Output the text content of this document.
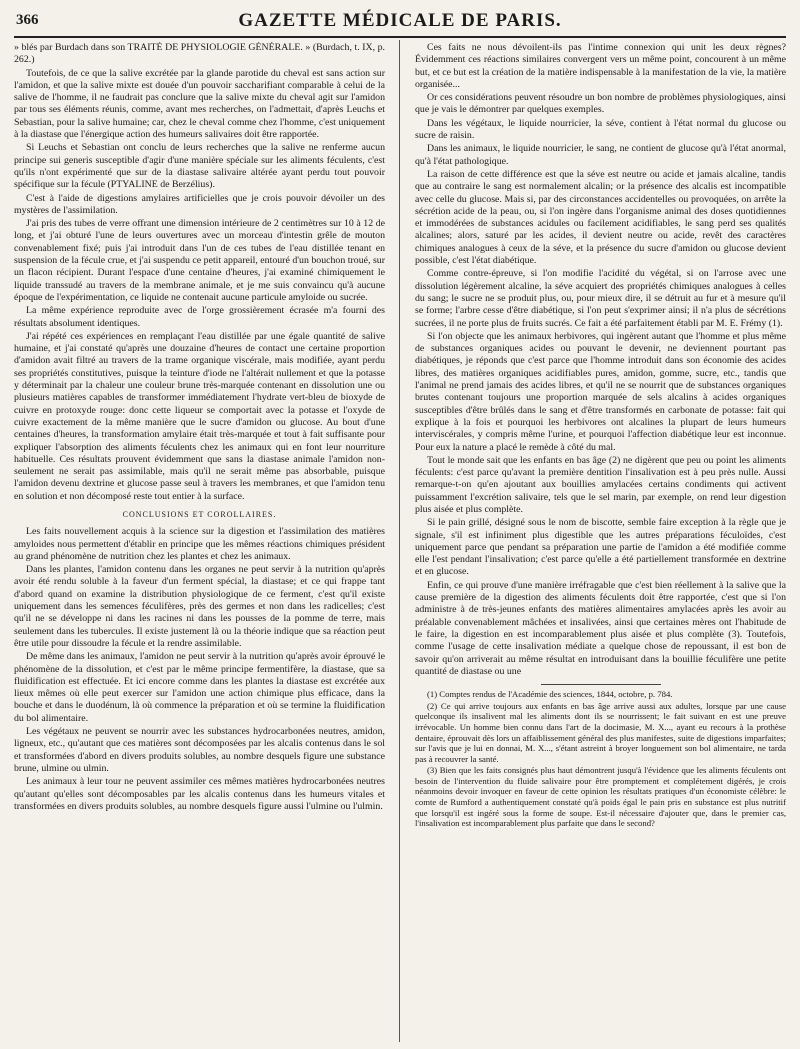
366	GAZETTE MÉDICALE DE PARIS.

» blés par Burdach dans son TRAITÉ DE PHYSIOLOGIE GÉNÉRALE. » (Burdach, t. IX, p. 262.)

Toutefois, de ce que la salive excrétée par la glande parotide du cheval est sans action sur l'amidon, et que la salive mixte est douée d'un pouvoir saccharifiant comparable à celui de la salive de l'homme, il ne faudrait pas conclure que la salive mixte du cheval agit sur l'amidon par tous ses éléments réunis, comme, avant mes recherches, on l'admettait, d'après Leuchs et Sebastian, pour la salive humaine; car, chez le cheval comme chez l'homme, c'est uniquement à la diastase que l'énergique action des humeurs salivaires doit être rapportée.

Si Leuchs et Sebastian ont conclu de leurs recherches que la salive ne renferme aucun principe sui generis susceptible d'agir d'une manière spéciale sur les aliments féculents, c'est qu'ils n'ont expérimenté que sur de la diastase salivaire altérée ayant perdu tout pouvoir spécifique sur la fécule (PTYALINE de Berzélius).

C'est à l'aide de digestions amylaires artificielles que je crois pouvoir dévoiler un des mystères de l'assimilation.

J'ai pris des tubes de verre offrant une dimension intérieure de 2 centimètres sur 10 à 12 de long, et j'ai obturé l'une de leurs ouvertures avec un morceau d'intestin grêle de mouton convenablement fixé; puis j'ai introduit dans l'un de ces tubes de l'eau distillée tenant en suspension de la fécule crue, et j'ai suspendu ce petit appareil, entouré d'un bouchon troué, sur un flacon récipient. Durant l'espace d'une centaine d'heures, j'ai examiné chimiquement le liquide transsudé au travers de la membrane animale, et je me suis convaincu qu'à aucune époque de l'expérimentation, ce liquide ne contenait aucune particule amyloide ou sucrée.

La même expérience reproduite avec de l'orge grossièrement écrasée m'a fourni des résultats absolument identiques.

J'ai répété ces expériences en remplaçant l'eau distillée par une égale quantité de salive humaine, et j'ai constaté qu'après une douzaine d'heures de contact une certaine proportion d'amidon avait filtré au travers de la trame organique viscérale, mais modifiée, ayant perdu ses propriétés constitutives, puisque la teinture d'iode ne l'altérait nullement et que la potasse y déterminait par la chaleur une couleur brune très-marquée contenant en dissolution une ou plusieurs matières capables de transformer immédiatement l'hydrate vert-bleu de bioxyde de cuivre en protoxyde rouge: donc cette liqueur se comportait avec la potasse et l'oxyde de cuivre exactement de la même manière que le sucre d'amidon ou glucose. Au bout d'une centaines d'heures, la transformation amylaire était très-marquée et tout à fait suffisante pour expliquer l'absorption des aliments féculents chez les animaux qui en font leur nourriture habituelle. Ces résultats prouvent évidemment que sans la diastase animale l'amidon non-seulement ne serait pas assimilable, mais qu'il ne serait même pas absorbable, puisque l'amidon devenu dextrine et glucose passe seul à travers les membranes, et que l'amidon tenu en solution et non décomposé reste tout entier à la surface.

CONCLUSIONS ET COROLLAIRES.

Les faits nouvellement acquis à la science sur la digestion et l'assimilation des matières amyloides nous permettent d'établir en principe que les mêmes réactions chimiques président au grand phénomène de nutrition chez les plantes et chez les animaux.

Dans les plantes, l'amidon contenu dans les organes ne peut servir à la nutrition qu'après avoir été rendu soluble à la faveur d'un ferment spécial, la diastase; et ce qui frappe tant d'abord quand on examine la distribution physiologique de ce ferment, c'est qu'il existe uniquement dans les semences féculifères, près des germes et non dans les radicelles; c'est qu'il ne se développe ni dans les racines ni dans les pousses de la pomme de terre, mais seulement dans les tubercules. Il existe justement là ou la théorie indique que sa réaction peut être utile pour dissoudre la fécule et la rendre assimilable.

De même dans les animaux, l'amidon ne peut servir à la nutrition qu'après avoir éprouvé le phénomène de la dissolution, et c'est par le même principe fermentifère, la diastase, que sa fluidification est effectuée. Et ici encore comme dans les plantes la diastase est excrétée aux lieux mêmes où elle peut exercer sur l'amidon une action chimique plus efficace, dans la bouche et dans le duodénum, là où commence la préparation et où se termine la fluidification du bol alimentaire.

Les végétaux ne peuvent se nourrir avec les substances hydrocarbonées neutres, amidon, ligneux, etc., qu'autant que ces matières sont décomposées par les alcalis contenus dans le sol et transformées d'abord en divers produits solubles, au nombre desquels figure une substance brune, ulmine ou ulmin.

Les animaux à leur tour ne peuvent assimiler ces mêmes matières hydrocarbonées neutres qu'autant qu'elles sont décomposables par les alcalis contenus dans les humeurs vitales et transformées en divers produits solubles, au nombre desquels figure aussi l'ulmine ou l'ulmin.

Ces faits ne nous dévoilent-ils pas l'intime connexion qui unit les deux règnes? Évidemment ces réactions similaires convergent vers un même point, concourent à un même but, et ce but est la création de la matière indispensable à la manifestation de la vie, la matière organisée...

Or ces considérations peuvent résoudre un bon nombre de problèmes physiologiques, ainsi que je vais le démontrer par quelques exemples.

Dans les végétaux, le liquide nourricier, la séve, contient à l'état normal du glucose ou sucre de raisin.

Dans les animaux, le liquide nourricier, le sang, ne contient de glucose qu'à l'état anormal, qu'à l'état pathologique.

La raison de cette différence est que la séve est neutre ou acide et jamais alcaline, tandis que au contraire le sang est normalement alcalin; or la présence des alcalis est incompatible avec celle du glucose. Mais si, par des circonstances accidentelles ou provoquées, on arrête la sécrétion acide de la peau, ou, si l'on ingère dans l'organisme animal des doses quotidiennes et immodérées de substances acidules ou facilement acidifiables, le sang perd ses qualités alcalines; alors, saturé par les acides, il devient neutre ou acide, revêt des caractères chimiques analogues à ceux de la séve, et la présence du sucre d'amidon ou glucose devient possible, c'est l'état diabétique.

Comme contre-épreuve, si l'on modifie l'acidité du végétal, si on l'arrose avec une dissolution légèrement alcaline, la séve acquiert des propriétés chimiques analogues à celles du sang; le sucre ne se produit plus, ou, pour mieux dire, il se détruit au fur et à mesure qu'il se forme; l'arbre cesse d'être diabétique, si l'on peut s'exprimer ainsi; il n'a plus de sécrétions sucrées, il ne porte plus de fruits sucrés. Ce fait a été parfaitement établi par M. E. Frémy (1).

Si l'on objecte que les animaux herbivores, qui ingèrent autant que l'homme et plus même de substances organiques acides ou pouvant le devenir, ne deviennent pourtant pas diabétiques, je réponds que c'est parce que l'homme introduit dans son économie des acides libres, des matières organiques acidifiables pures, amidon, gomme, sucre, etc., tandis que l'animal ne prend jamais des acides libres, et qu'il ne se nourrit que de substances organiques brutes contenant toujours une proportion marquée de sels alcalins à acides organiques susceptibles d'être brûlés dans le sang et d'être transformés en carbonate de potasse: fait qui explique à la fois et pourquoi les herbivores ont alcalines la plupart de leurs humeurs interviscérales, y compris même l'urine, et pourquoi l'affection diabétique leur est inconnue. Pour eux la nature a placé le remède à côté du mal.

Tout le monde sait que les enfants en bas âge (2) ne digèrent que peu ou point les aliments féculents: c'est parce qu'avant la première dentition l'insalivation est à peu près nulle. Aussi remarque-t-on qu'en ajoutant aux bouillies amylacées certains condiments qui activent puissamment l'excrétion salivaire, tels que le sel marin, par exemple, on rend leur digestion plus aisée et plus complète.

Si le pain grillé, désigné sous le nom de biscotte, semble faire exception à la règle que je signale, s'il est infiniment plus digestible que les autres préparations féculoïdes, c'est uniquement parce que pendant sa préparation une partie de l'amidon a été modifiée comme elle l'est pendant l'insalivation; c'est parce qu'elle a été partiellement transformée en dextrine et en glucose.

Enfin, ce qui prouve d'une manière irréfragable que c'est bien réellement à la salive que la cause première de la digestion des aliments féculents doit être rapportée, c'est que si l'on administre à de très-jeunes enfants des matières alimentaires amylacées après les avoir au préalable convenablement mâchées et insalivées, ainsi que certaines mères ont l'habitude de le faire, la digestion en est incomparablement plus aisée et plus complète (3). Toutefois, comme l'usage de cette insalivation médiate a quelque chose de repoussant, il est bon de savoir qu'on arriverait au même résultat en introduisant dans la bouillie féculifère une petite quantité de diastase ou une

(1) Comptes rendus de l'Académie des sciences, 1844, octobre, p. 784.

(2) Ce qui arrive toujours aux enfants en bas âge arrive aussi aux adultes, lorsque par une cause quelconque ils insalivent mal les aliments dont ils se nourrissent; le fait suivant en est une preuve irrévocable. Un homme bien connu dans l'art de la docimasie, M. X..., ayant eu recours à la prothèse dentaire, éprouvait dès lors un affaiblissement général des plus manifestes, suite de digestions imparfaites; sur l'avis que je lui en donnai, M. X..., s'étant astreint à broyer longuement son bol alimentaire, ne tarda pas à recouvrer la santé.

(3) Bien que les faits consignés plus haut démontrent jusqu'à l'évidence que les aliments féculents ont besoin de l'intervention du fluide salivaire pour être promptement et complétement digérés, je crois néanmoins devoir invoquer en faveur de cette opinion les résultats pratiques d'un économiste célèbre: le comte de Rumford a authentiquement constaté qu'à poids égal le pain pris en substance est plus nutritif que lorsqu'il est ingéré sous la forme de soupe. Est-il nécessaire d'ajouter que, dans le premier cas, l'insalivation est incomparablement plus parfaite que dans le second?
